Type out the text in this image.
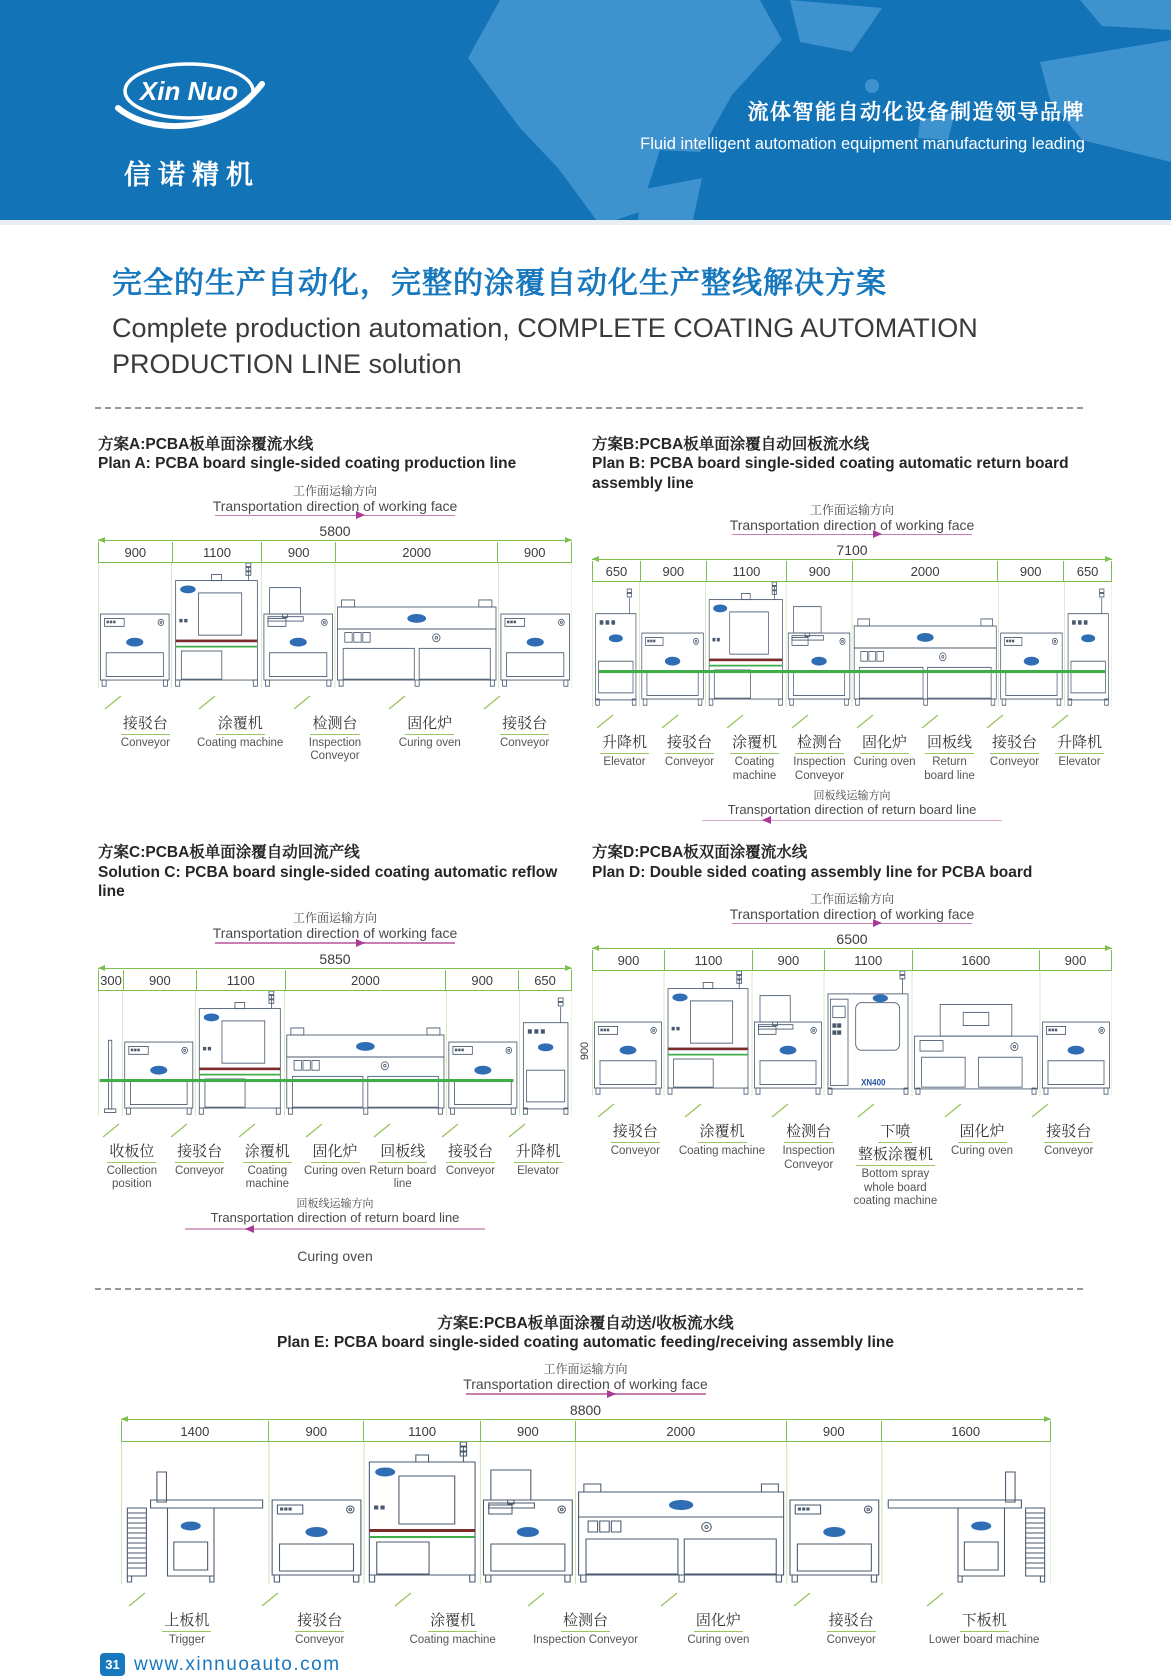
Xin Nuo
信诺精机
流体智能自动化设备制造领导品牌
Fluid intelligent automation equipment manufacturing leading
完全的生产自动化，完整的涂覆自动化生产整线解决方案
Complete production automation, COMPLETE COATING AUTOMATION
PRODUCTION LINE solution
方案A:PCBA板单面涂覆流水线
Plan A: PCBA board single-sided coating production line
工作面运输方向
Transportation direction of working face
5800
900	1100	900	2000	900
接驳台
Conveyor
涂覆机
Coating machine
检测台
Inspection Conveyor
固化炉
Curing oven
接驳台
Conveyor
方案B:PCBA板单面涂覆自动回板流水线
Plan B: PCBA board single-sided coating automatic return board assembly line
工作面运输方向
Transportation direction of working face
7100
650	900	1100	900	2000	900	650
升降机
Elevator
接驳台
Conveyor
涂覆机
Coating machine
检测台
Inspection Conveyor
固化炉
Curing oven
回板线
Return board line
接驳台
Conveyor
升降机
Elevator
回板线运输方向
Transportation direction of return board line
方案C:PCBA板单面涂覆自动回流产线
Solution C: PCBA board single-sided coating automatic reflow line
工作面运输方向
Transportation direction of working face
5850
300 900	1100	2000	900	650
收板位
Collection position
接驳台
Conveyor
涂覆机
Coating machine
固化炉
Curing oven
回板线
Return board line
接驳台
Conveyor
升降机
Elevator
回板线运输方向
Transportation direction of return board line
Curing oven
方案D:PCBA板双面涂覆流水线
Plan D: Double sided coating assembly line for PCBA board
工作面运输方向
Transportation direction of working face
6500
900	1100	900	1100	1600	900
900
XN400
接驳台
Conveyor
涂覆机
Coating machine
检测台
Inspection Conveyor
下喷
整板涂覆机
Bottom spray whole board coating machine
固化炉
Curing oven
接驳台
Conveyor
方案E:PCBA板单面涂覆自动送/收板流水线
Plan E: PCBA board single-sided coating automatic feeding/receiving assembly line
工作面运输方向
Transportation direction of working face
8800
1400	900	1100	900	2000	900	1600
上板机
Trigger
接驳台
Conveyor
涂覆机
Coating machine
检测台
Inspection Conveyor
固化炉
Curing oven
接驳台
Conveyor
下板机
Lower board machine
31 www.xinnuoauto.com
